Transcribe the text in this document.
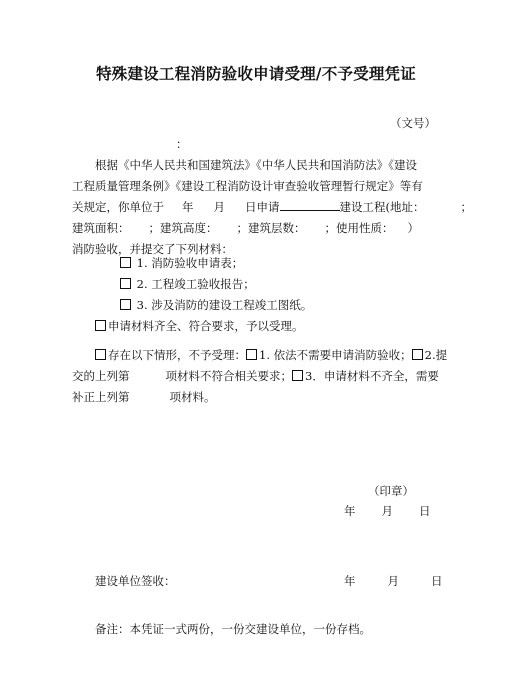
特殊建设工程消防验收申请受理/不予受理凭证
（文号）
：
根据《中华人民共和国建筑法》《中华人民共和国消防法》《建设
工程质量管理条例》《建设工程消防设计审查验收管理暂行规定》等有
关规定，你单位于 年 月 日申请	建设工程(地址：	；
建筑面积： ；建筑高度： ；建筑层数： ；使用性质： ）
消防验收，并提交了下列材料：
1. 消防验收申请表；
2. 工程竣工验收报告；
3. 涉及消防的建设工程竣工图纸。
申请材料齐全、符合要求，予以受理。
存在以下情形，不予受理： 1. 依法不需要申请消防验收； 2.提
交的上列第	项材料不符合相关要求； 3．申请材料不齐全，需要
补正上列第	项材料。
（印章）
年 月 日
建设单位签收：	年	月	日
备注：本凭证一式两份，一份交建设单位，一份存档。
